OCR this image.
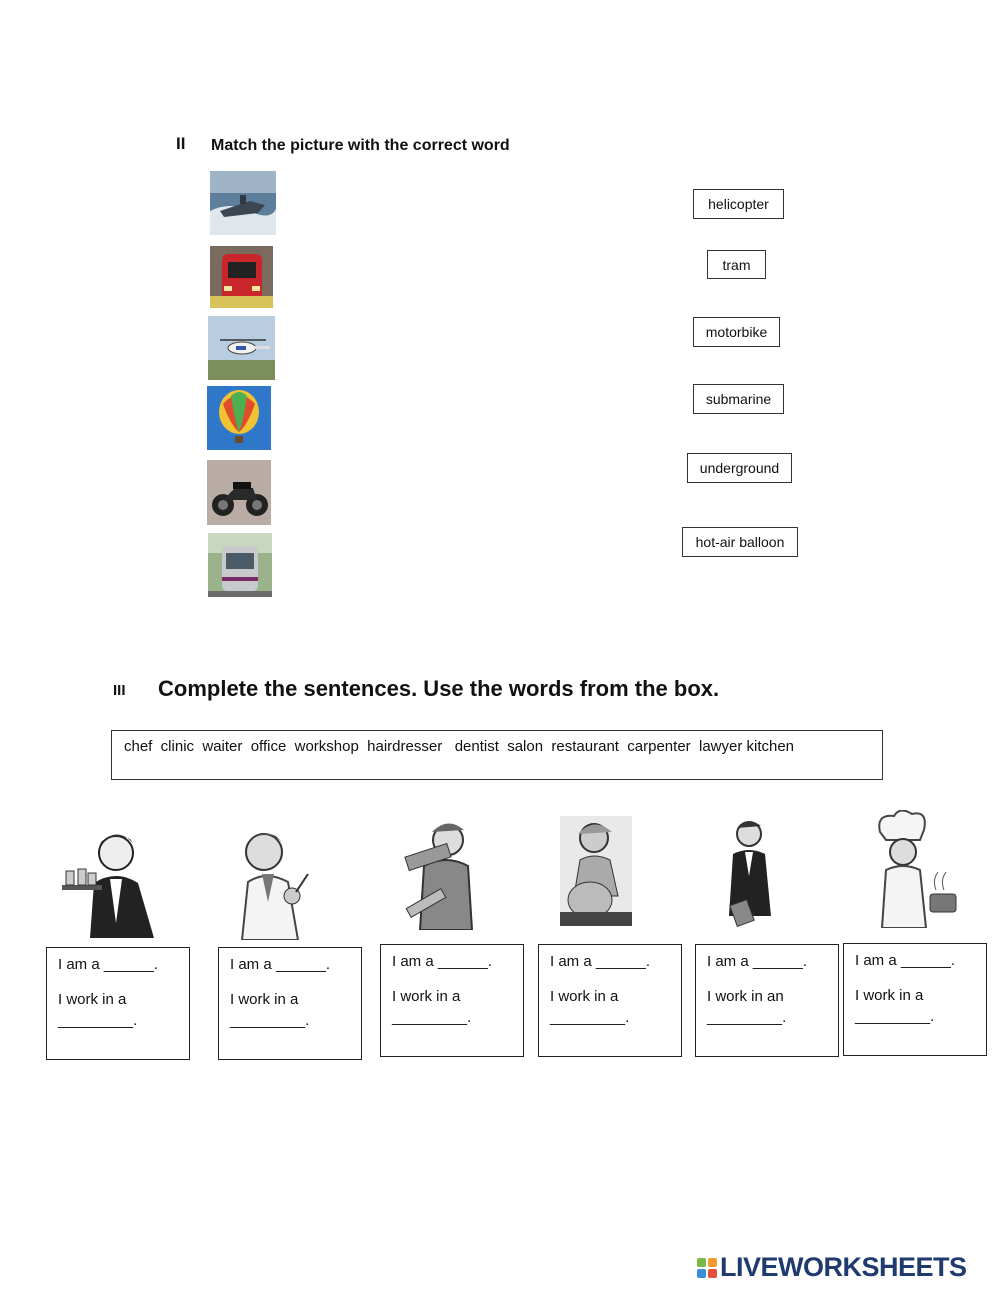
II Match the picture with the correct word
helicopter
tram
motorbike
submarine
underground
hot-air balloon
III Complete the sentences. Use the words from the box.
chef  clinic  waiter  office  workshop  hairdresser   dentist  salon  restaurant  carpenter  lawyer kitchen
I am a ______.
I work in a
_________.
I am a ______.
I work in a
_________.
I am a ______.
I work in a
_________.
I am a ______.
I work in a
_________.
I am a ______.
I work in an
_________.
I am a ______.
I work in a
_________.
LIVEWORKSHEETS
